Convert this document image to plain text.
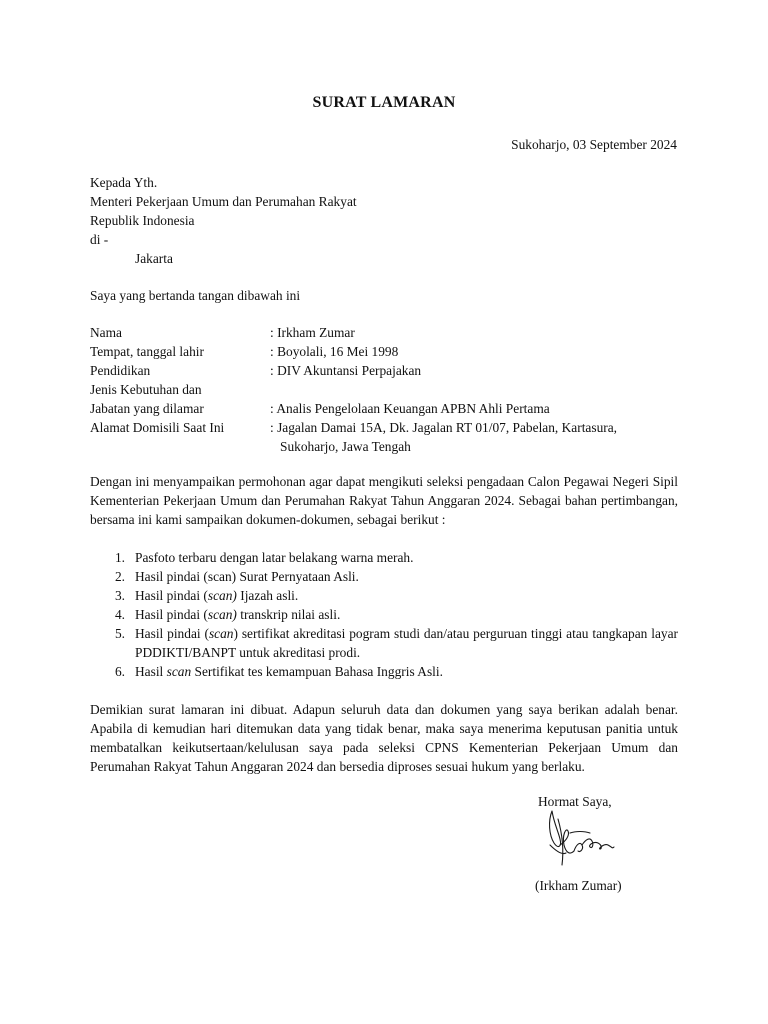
SURAT LAMARAN
Sukoharjo, 03 September 2024
Kepada Yth.
Menteri Pekerjaan Umum dan Perumahan Rakyat
Republik Indonesia
di -
Jakarta
Saya yang bertanda tangan dibawah ini
Nama	: Irkham Zumar
Tempat, tanggal lahir	: Boyolali, 16 Mei 1998
Pendidikan	: DIV Akuntansi Perpajakan
Jenis Kebutuhan dan
Jabatan yang dilamar	: Analis Pengelolaan Keuangan APBN Ahli Pertama
Alamat Domisili Saat Ini	: Jagalan Damai 15A, Dk. Jagalan RT 01/07, Pabelan, Kartasura,
Sukoharjo, Jawa Tengah
Dengan ini menyampaikan permohonan agar dapat mengikuti seleksi pengadaan Calon Pegawai Negeri Sipil Kementerian Pekerjaan Umum dan Perumahan Rakyat Tahun Anggaran 2024. Sebagai bahan pertimbangan, bersama ini kami sampaikan dokumen-dokumen, sebagai berikut :
1. Pasfoto terbaru dengan latar belakang warna merah.
2. Hasil pindai (scan) Surat Pernyataan Asli.
3. Hasil pindai (scan) Ijazah asli.
4. Hasil pindai (scan) transkrip nilai asli.
5. Hasil pindai (scan) sertifikat akreditasi pogram studi dan/atau perguruan tinggi atau tangkapan layar PDDIKTI/BANPT untuk akreditasi prodi.
6. Hasil scan Sertifikat tes kemampuan Bahasa Inggris Asli.
Demikian surat lamaran ini dibuat. Adapun seluruh data dan dokumen yang saya berikan adalah benar. Apabila di kemudian hari ditemukan data yang tidak benar, maka saya menerima keputusan panitia untuk membatalkan keikutsertaan/kelulusan saya pada seleksi CPNS Kementerian Pekerjaan Umum dan Perumahan Rakyat Tahun Anggaran 2024 dan bersedia diproses sesuai hukum yang berlaku.
Hormat Saya,
(Irkham Zumar)
